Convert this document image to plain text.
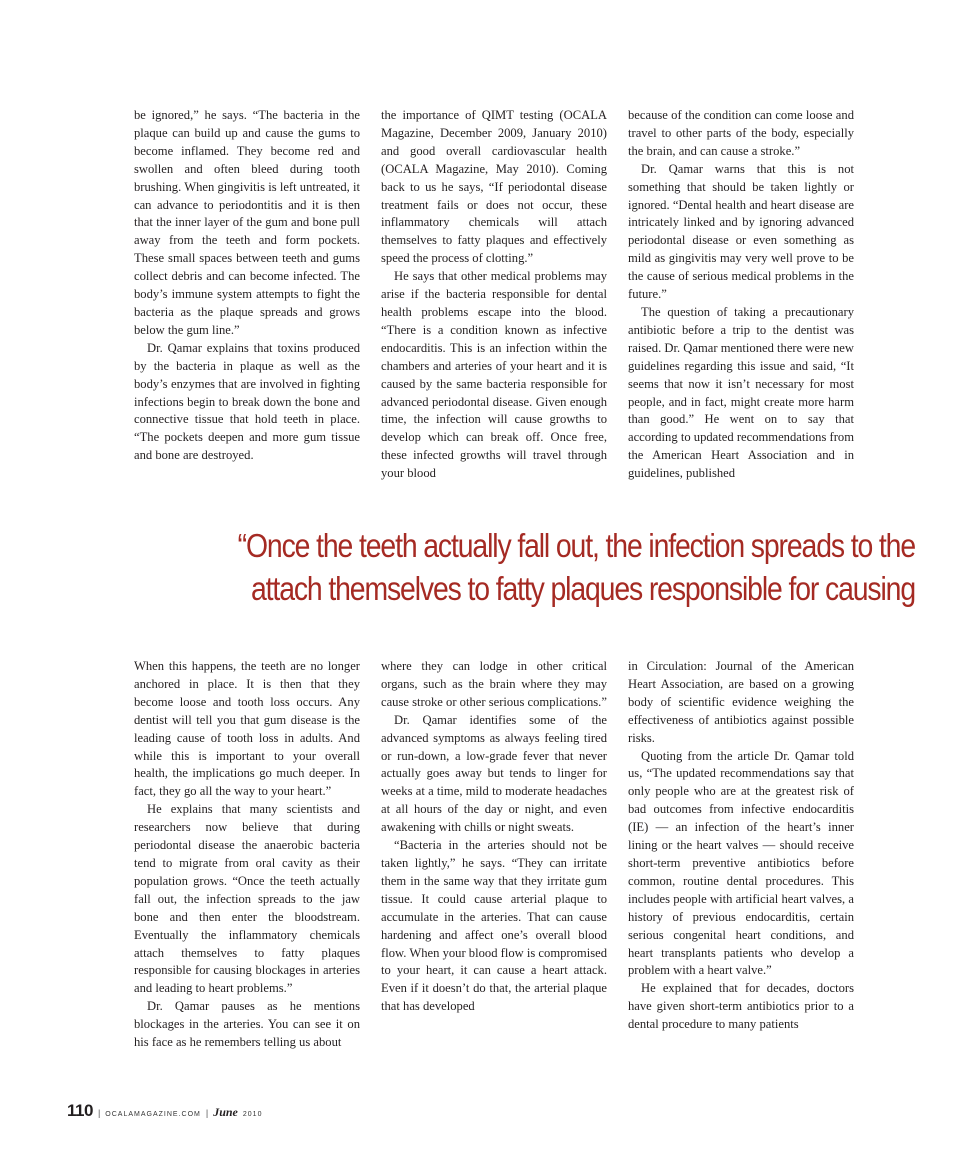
be ignored,” he says. “The bacteria in the plaque can build up and cause the gums to become inflamed. They become red and swollen and often bleed during tooth brushing. When gingivitis is left untreated, it can advance to periodontitis and it is then that the inner layer of the gum and bone pull away from the teeth and form pockets. These small spaces between teeth and gums collect debris and can become infected. The body’s immune system attempts to fight the bacteria as the plaque spreads and grows below the gum line.”

Dr. Qamar explains that toxins produced by the bacteria in plaque as well as the body’s enzymes that are involved in fighting infections begin to break down the bone and connective tissue that hold teeth in place. “The pockets deepen and more gum tissue and bone are destroyed.

the importance of QIMT testing (OCALA Magazine, December 2009, January 2010) and good overall cardiovascular health (OCALA Magazine, May 2010). Coming back to us he says, “If periodontal disease treatment fails or does not occur, these inflammatory chemicals will attach themselves to fatty plaques and effectively speed the process of clotting.”

He says that other medical problems may arise if the bacteria responsible for dental health problems escape into the blood. “There is a condition known as infective endocarditis. This is an infection within the chambers and arteries of your heart and it is caused by the same bacteria responsible for advanced periodontal disease. Given enough time, the infection will cause growths to develop which can break off. Once free, these infected growths will travel through your blood

because of the condition can come loose and travel to other parts of the body, especially the brain, and can cause a stroke.”

Dr. Qamar warns that this is not something that should be taken lightly or ignored. “Dental health and heart disease are intricately linked and by ignoring advanced periodontal disease or even something as mild as gingivitis may very well prove to be the cause of serious medical problems in the future.”

The question of taking a precautionary antibiotic before a trip to the dentist was raised. Dr. Qamar mentioned there were new guidelines regarding this issue and said, “It seems that now it isn’t necessary for most people, and in fact, might create more harm than good.” He went on to say that according to updated recommendations from the American Heart Association and in guidelines, published

“Once the teeth actually fall out, the infection spreads to the
attach themselves to fatty plaques responsible for causing

When this happens, the teeth are no longer anchored in place. It is then that they become loose and tooth loss occurs. Any dentist will tell you that gum disease is the leading cause of tooth loss in adults. And while this is important to your overall health, the implications go much deeper. In fact, they go all the way to your heart.”

He explains that many scientists and researchers now believe that during periodontal disease the anaerobic bacteria tend to migrate from oral cavity as their population grows. “Once the teeth actually fall out, the infection spreads to the jaw bone and then enter the bloodstream. Eventually the inflammatory chemicals attach themselves to fatty plaques responsible for causing blockages in arteries and leading to heart problems.”

Dr. Qamar pauses as he mentions blockages in the arteries. You can see it on his face as he remembers telling us about

where they can lodge in other critical organs, such as the brain where they may cause stroke or other serious complications.”

Dr. Qamar identifies some of the advanced symptoms as always feeling tired or run-down, a low-grade fever that never actually goes away but tends to linger for weeks at a time, mild to moderate headaches at all hours of the day or night, and even awakening with chills or night sweats.

“Bacteria in the arteries should not be taken lightly,” he says. “They can irritate them in the same way that they irritate gum tissue. It could cause arterial plaque to accumulate in the arteries. That can cause hardening and affect one’s overall blood flow. When your blood flow is compromised to your heart, it can cause a heart attack. Even if it doesn’t do that, the arterial plaque that has developed

in Circulation: Journal of the American Heart Association, are based on a growing body of scientific evidence weighing the effectiveness of antibiotics against possible risks.

Quoting from the article Dr. Qamar told us, “The updated recommendations say that only people who are at the greatest risk of bad outcomes from infective endocarditis (IE) — an infection of the heart’s inner lining or the heart valves — should receive short-term preventive antibiotics before common, routine dental procedures. This includes people with artificial heart valves, a history of previous endocarditis, certain serious congenital heart conditions, and heart transplants patients who develop a problem with a heart valve.”

He explained that for decades, doctors have given short-term antibiotics prior to a dental procedure to many patients

110 | OCALAMAGAZINE.COM | June 2010
